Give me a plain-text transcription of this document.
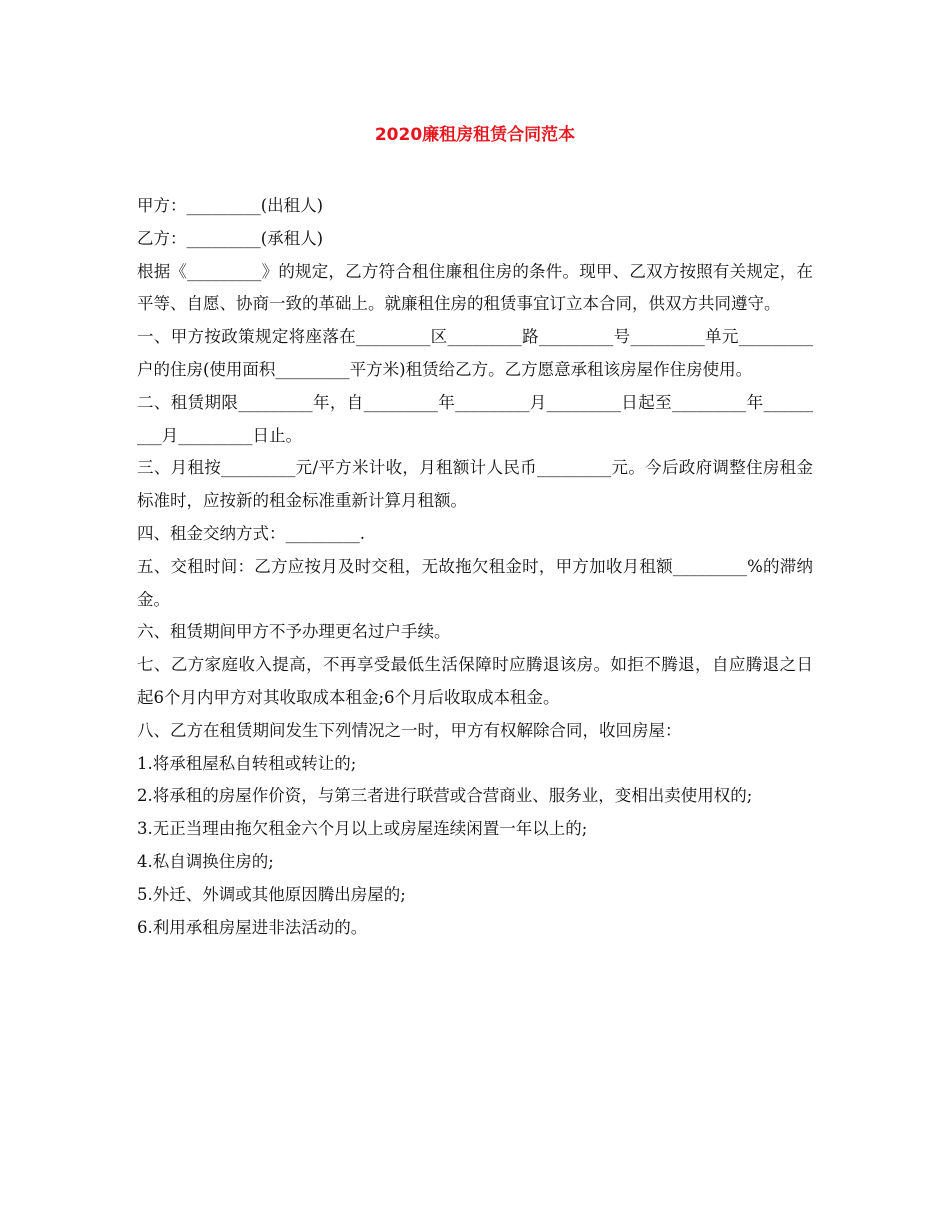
2020廉租房租赁合同范本

甲方：_________(出租人)

乙方：_________(承租人)

根据《_________》的规定，乙方符合租住廉租住房的条件。现甲、乙双方按照有关规定，在平等、自愿、协商一致的革础上。就廉租住房的租赁事宜订立本合同，供双方共同遵守。

一、甲方按政策规定将座落在_________区_________路_________号_________单元_________户的住房(使用面积_________平方米)租赁给乙方。乙方愿意承租该房屋作住房使用。

二、租赁期限_________年，自_________年_________月_________日起至_________年_________月_________日止。

三、月租按_________元/平方米计收，月租额计人民币_________元。今后政府调整住房租金标准时，应按新的租金标准重新计算月租额。

四、租金交纳方式：_________.

五、交租时间：乙方应按月及时交租，无故拖欠租金时，甲方加收月租额_________%的滞纳金。

六、租赁期间甲方不予办理更名过户手续。

七、乙方家庭收入提高，不再享受最低生活保障时应腾退该房。如拒不腾退，自应腾退之日起6个月内甲方对其收取成本租金;6个月后收取成本租金。

八、乙方在租赁期间发生下列情况之一时，甲方有权解除合同，收回房屋：

1.将承租屋私自转租或转让的;

2.将承租的房屋作价资，与第三者进行联营或合营商业、服务业，变相出卖使用权的;

3.无正当理由拖欠租金六个月以上或房屋连续闲置一年以上的;

4.私自调换住房的;

5.外迁、外调或其他原因腾出房屋的;

6.利用承租房屋进非法活动的。
